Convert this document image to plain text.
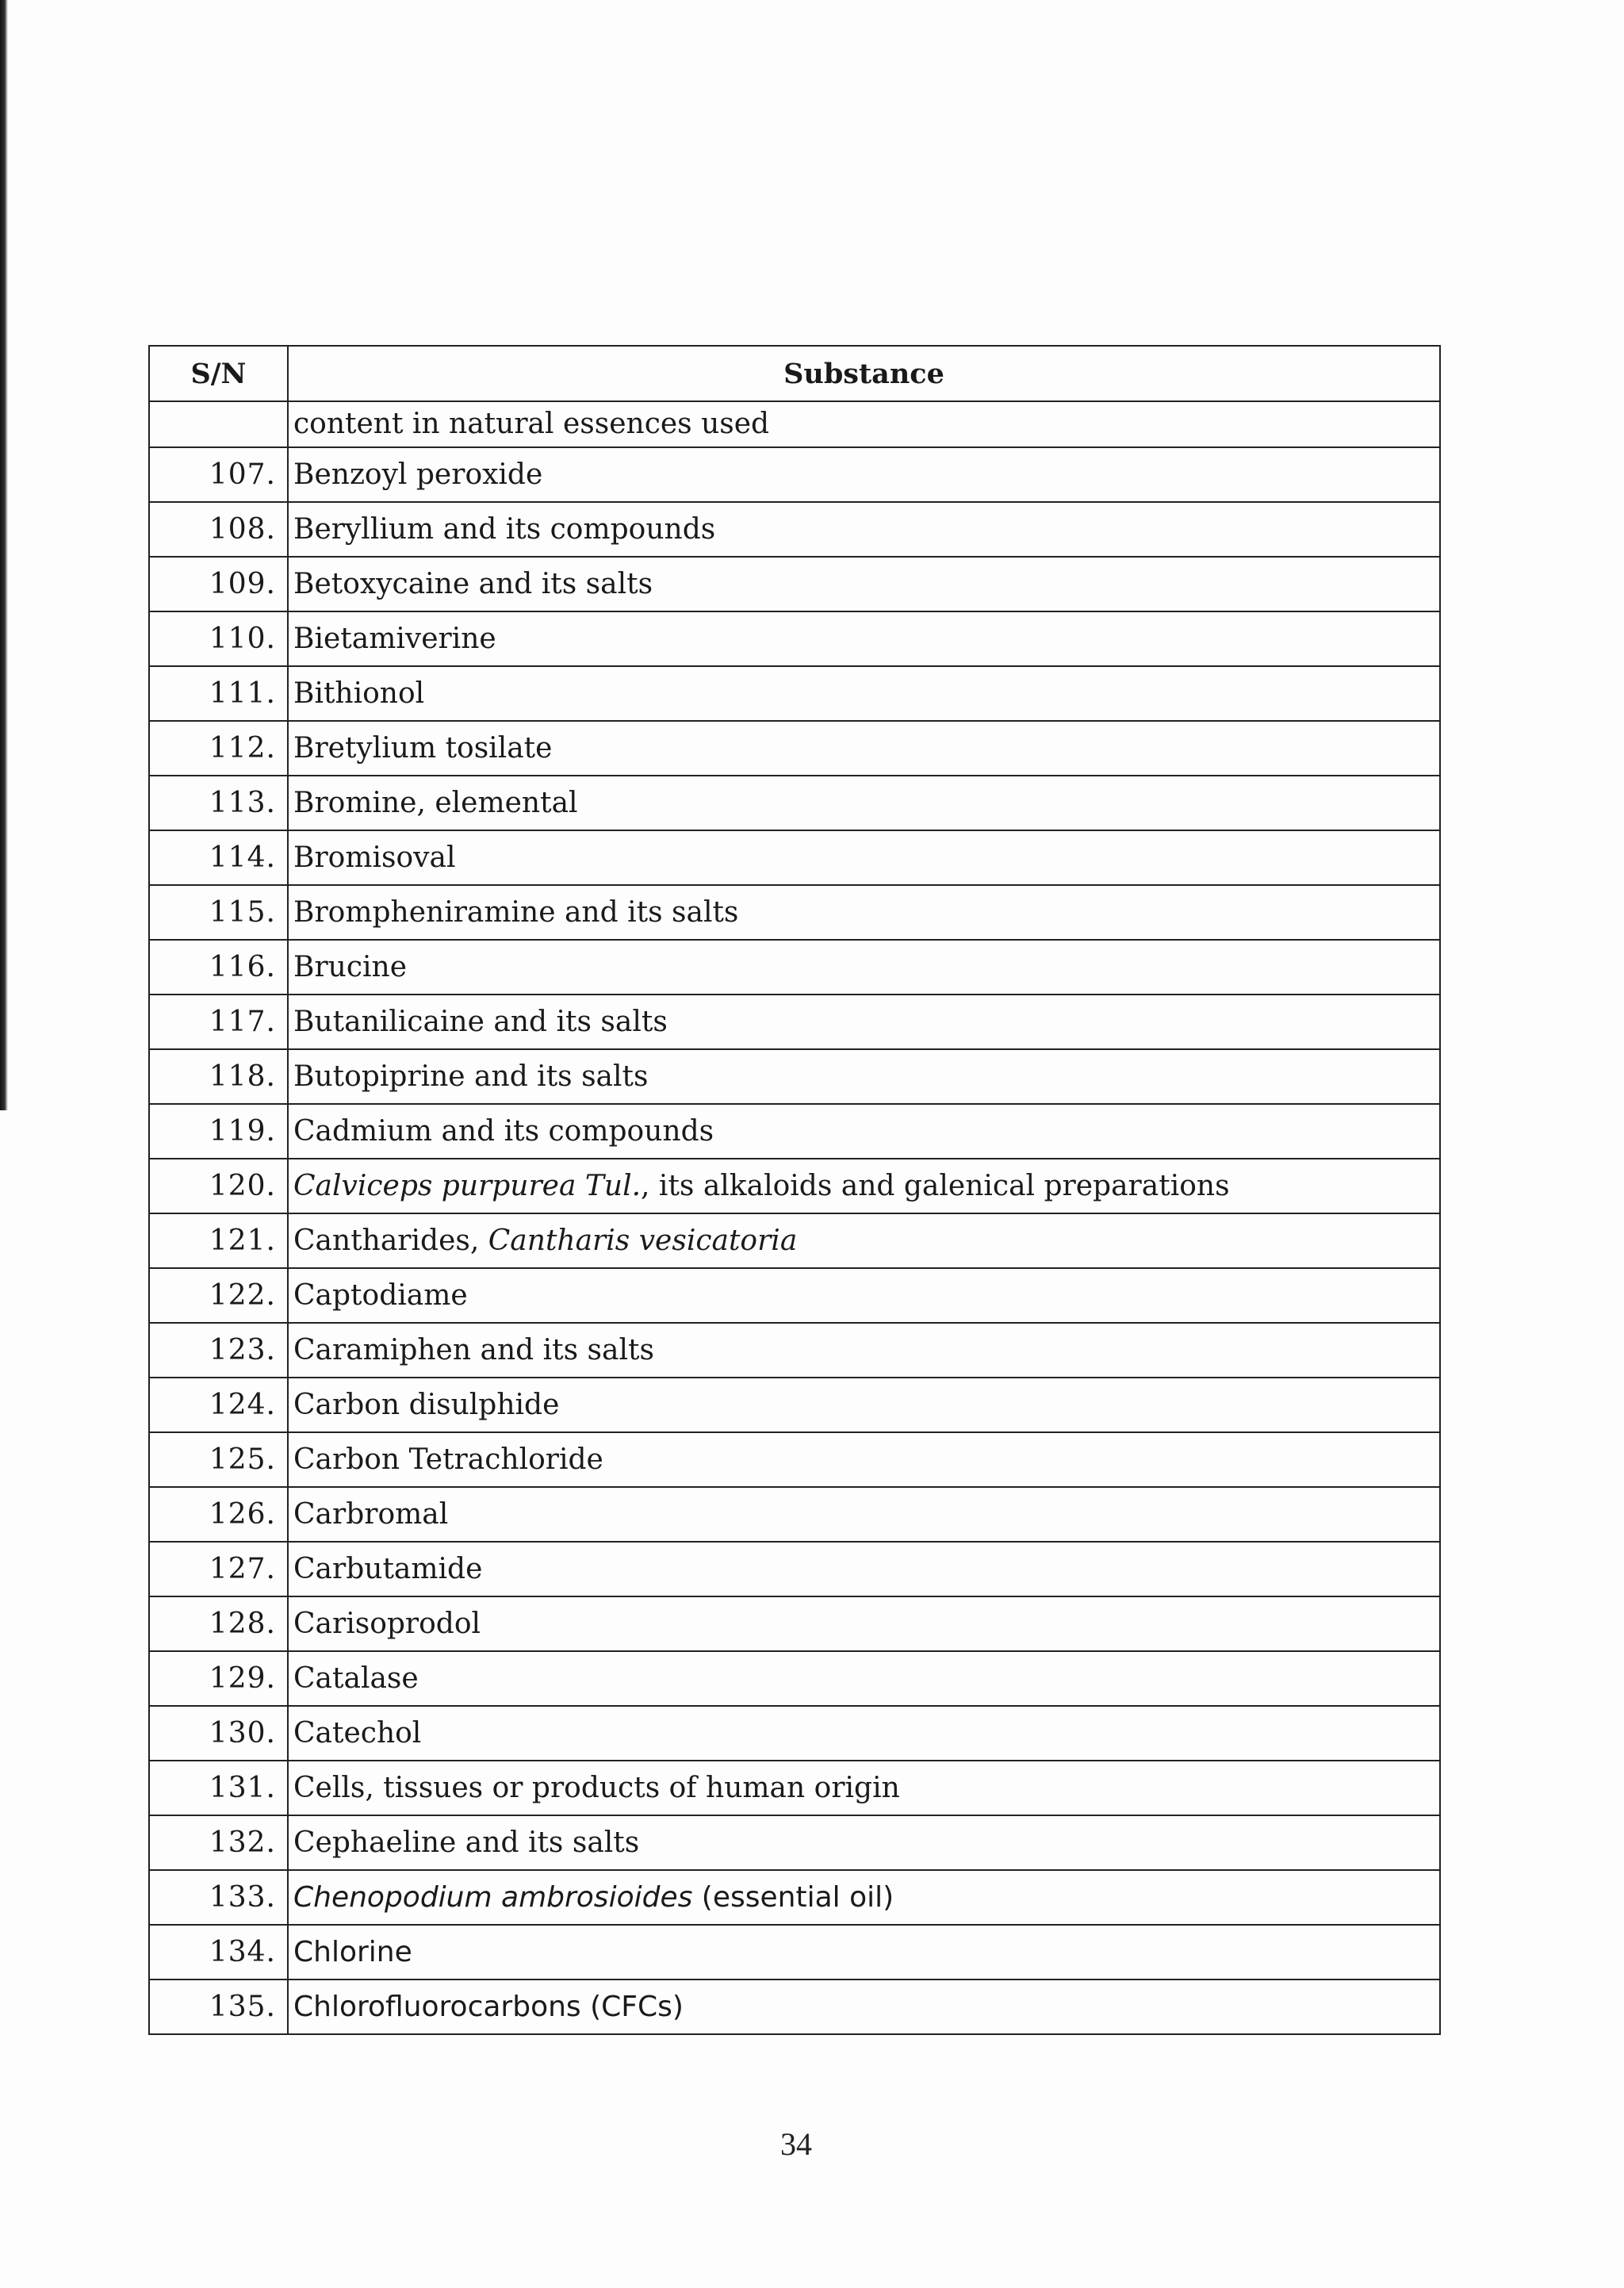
S/N	Substance
	content in natural essences used
107.	Benzoyl peroxide
108.	Beryllium and its compounds
109.	Betoxycaine and its salts
110.	Bietamiverine
111.	Bithionol
112.	Bretylium tosilate
113.	Bromine, elemental
114.	Bromisoval
115.	Brompheniramine and its salts
116.	Brucine
117.	Butanilicaine and its salts
118.	Butopiprine and its salts
119.	Cadmium and its compounds
120.	Calviceps purpurea Tul., its alkaloids and galenical preparations
121.	Cantharides, Cantharis vesicatoria
122.	Captodiame
123.	Caramiphen and its salts
124.	Carbon disulphide
125.	Carbon Tetrachloride
126.	Carbromal
127.	Carbutamide
128.	Carisoprodol
129.	Catalase
130.	Catechol
131.	Cells, tissues or products of human origin
132.	Cephaeline and its salts
133.	Chenopodium ambrosioides (essential oil)
134.	Chlorine
135.	Chlorofluorocarbons (CFCs)
34
